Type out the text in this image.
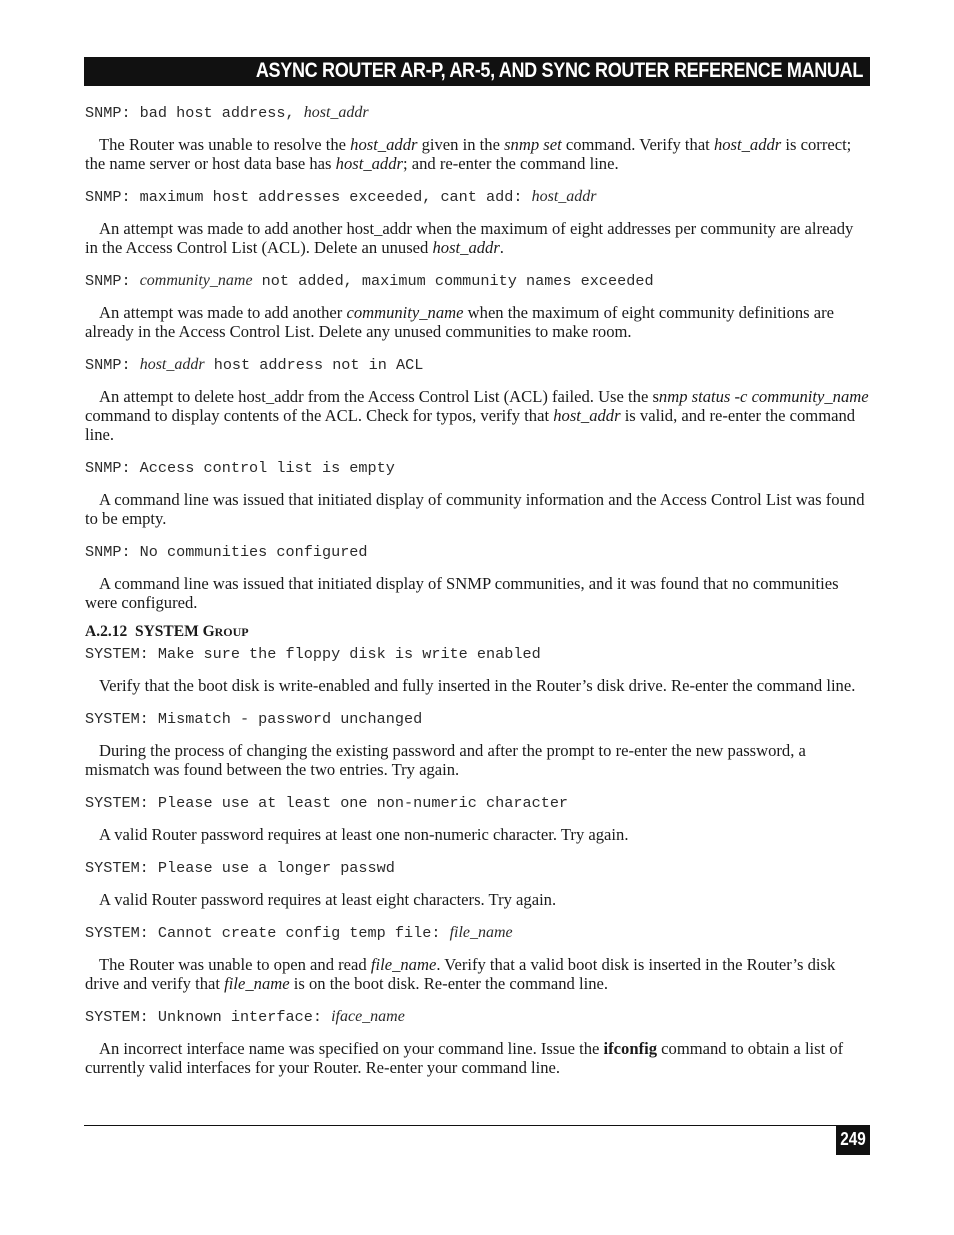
ASYNC ROUTER AR-P, AR-5, AND SYNC ROUTER REFERENCE MANUAL

SNMP: bad host address, host_addr

The Router was unable to resolve the host_addr given in the snmp set command. Verify that host_addr is correct; the name server or host data base has host_addr; and re-enter the command line.

SNMP: maximum host addresses exceeded, cant add: host_addr

An attempt was made to add another host_addr when the maximum of eight addresses per community are already in the Access Control List (ACL). Delete an unused host_addr.

SNMP: community_name not added, maximum community names exceeded

An attempt was made to add another community_name when the maximum of eight community definitions are already in the Access Control List. Delete any unused communities to make room.

SNMP: host_addr host address not in ACL

An attempt to delete host_addr from the Access Control List (ACL) failed. Use the snmp status -c community_name command to display contents of the ACL. Check for typos, verify that host_addr is valid, and re-enter the command line.

SNMP: Access control list is empty

A command line was issued that initiated display of community information and the Access Control List was found to be empty.

SNMP: No communities configured

A command line was issued that initiated display of SNMP communities, and it was found that no communities were configured.

A.2.12 SYSTEM GROUP

SYSTEM: Make sure the floppy disk is write enabled

Verify that the boot disk is write-enabled and fully inserted in the Router’s disk drive. Re-enter the command line.

SYSTEM: Mismatch - password unchanged

During the process of changing the existing password and after the prompt to re-enter the new password, a mismatch was found between the two entries. Try again.

SYSTEM: Please use at least one non-numeric character

A valid Router password requires at least one non-numeric character. Try again.

SYSTEM: Please use a longer passwd

A valid Router password requires at least eight characters. Try again.

SYSTEM: Cannot create config temp file: file_name

The Router was unable to open and read file_name. Verify that a valid boot disk is inserted in the Router’s disk drive and verify that file_name is on the boot disk. Re-enter the command line.

SYSTEM: Unknown interface: iface_name

An incorrect interface name was specified on your command line. Issue the ifconfig command to obtain a list of currently valid interfaces for your Router. Re-enter your command line.

249
